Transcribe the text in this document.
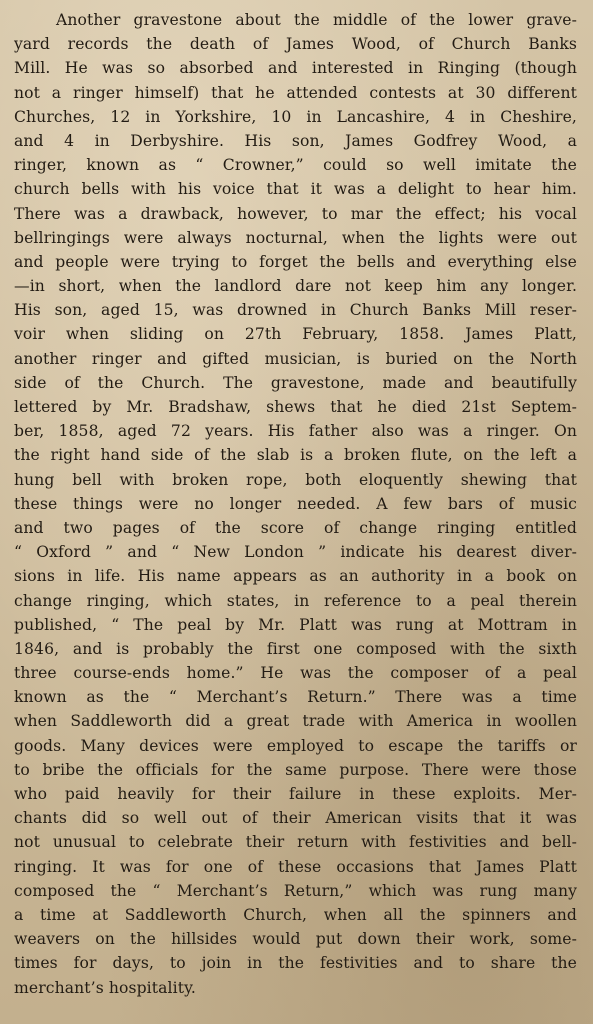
Another gravestone about the middle of the lower grave-
yard records the death of James Wood, of Church Banks
Mill. He was so absorbed and interested in Ringing (though
not a ringer himself) that he attended contests at 30 different
Churches, 12 in Yorkshire, 10 in Lancashire, 4 in Cheshire,
and 4 in Derbyshire. His son, James Godfrey Wood, a
ringer, known as “ Crowner,” could so well imitate the
church bells with his voice that it was a delight to hear him.
There was a drawback, however, to mar the effect; his vocal
bellringings were always nocturnal, when the lights were out
and people were trying to forget the bells and everything else
—in short, when the landlord dare not keep him any longer.
His son, aged 15, was drowned in Church Banks Mill reser-
voir when sliding on 27th February, 1858. James Platt,
another ringer and gifted musician, is buried on the North
side of the Church. The gravestone, made and beautifully
lettered by Mr. Bradshaw, shews that he died 21st Septem-
ber, 1858, aged 72 years. His father also was a ringer. On
the right hand side of the slab is a broken flute, on the left a
hung bell with broken rope, both eloquently shewing that
these things were no longer needed. A few bars of music
and two pages of the score of change ringing entitled
“ Oxford ” and “ New London ” indicate his dearest diver-
sions in life. His name appears as an authority in a book on
change ringing, which states, in reference to a peal therein
published, “ The peal by Mr. Platt was rung at Mottram in
1846, and is probably the first one composed with the sixth
three course-ends home.” He was the composer of a peal
known as the “ Merchant’s Return.” There was a time
when Saddleworth did a great trade with America in woollen
goods. Many devices were employed to escape the tariffs or
to bribe the officials for the same purpose. There were those
who paid heavily for their failure in these exploits. Mer-
chants did so well out of their American visits that it was
not unusual to celebrate their return with festivities and bell-
ringing. It was for one of these occasions that James Platt
composed the “ Merchant’s Return,” which was rung many
a time at Saddleworth Church, when all the spinners and
weavers on the hillsides would put down their work, some-
times for days, to join in the festivities and to share the
merchant’s hospitality.
